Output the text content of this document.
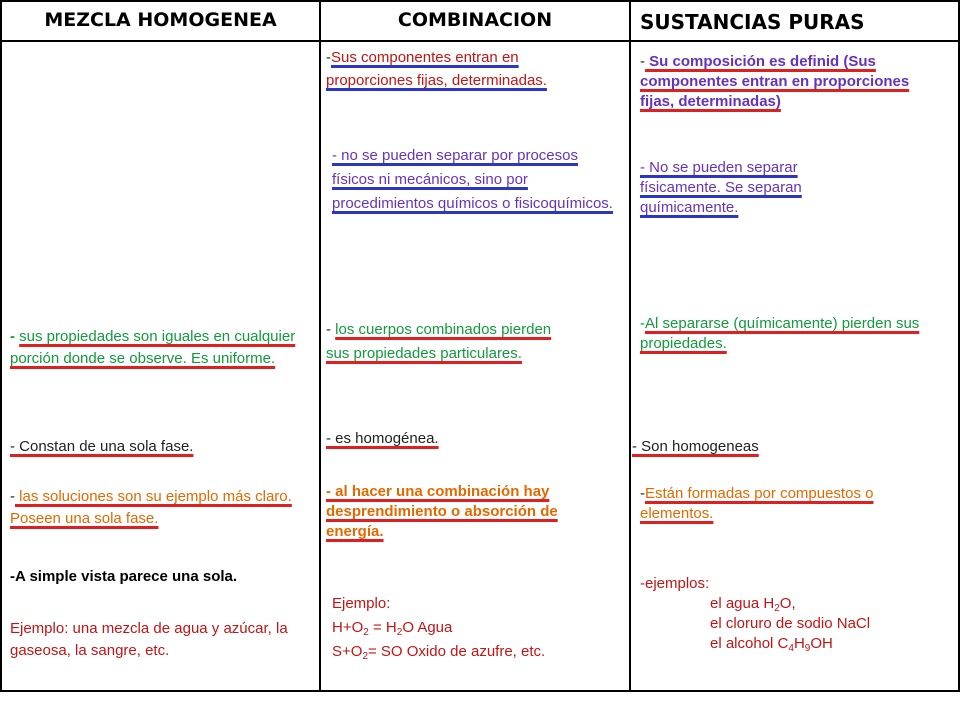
MEZCLA HOMOGENEA	COMBINACION	SUSTANCIAS PURAS
- sus propiedades son iguales en cualquier porción donde se observe. Es uniforme.
- Constan de una sola fase.
- las soluciones son su ejemplo más claro. Poseen una sola fase.
-A simple vista parece una sola.
Ejemplo: una mezcla de agua y azúcar, la gaseosa, la sangre, etc.
-Sus componentes entran en proporciones fijas, determinadas.
- no se pueden separar por procesos físicos ni mecánicos, sino por procedimientos químicos o fisicoquímicos.
- los cuerpos combinados pierden sus propiedades particulares.
- es homogénea.
- al hacer una combinación hay desprendimiento o absorción de energía.
Ejemplo:
$H+O_2 = H_2O$ Agua
$S+O_2=$ SO Oxido de azufre, etc.
- Su composición es definid (Sus componentes entran en proporciones fijas, determinadas)
- No se pueden separar físicamente. Se separan químicamente.
-Al separarse (químicamente) pierden sus propiedades.
- Son homogeneas
-Están formadas por compuestos o elementos.
-ejemplos:
el agua $H_2O$,
el cloruro de sodio NaCl
el alcohol $C_4H_9OH$
